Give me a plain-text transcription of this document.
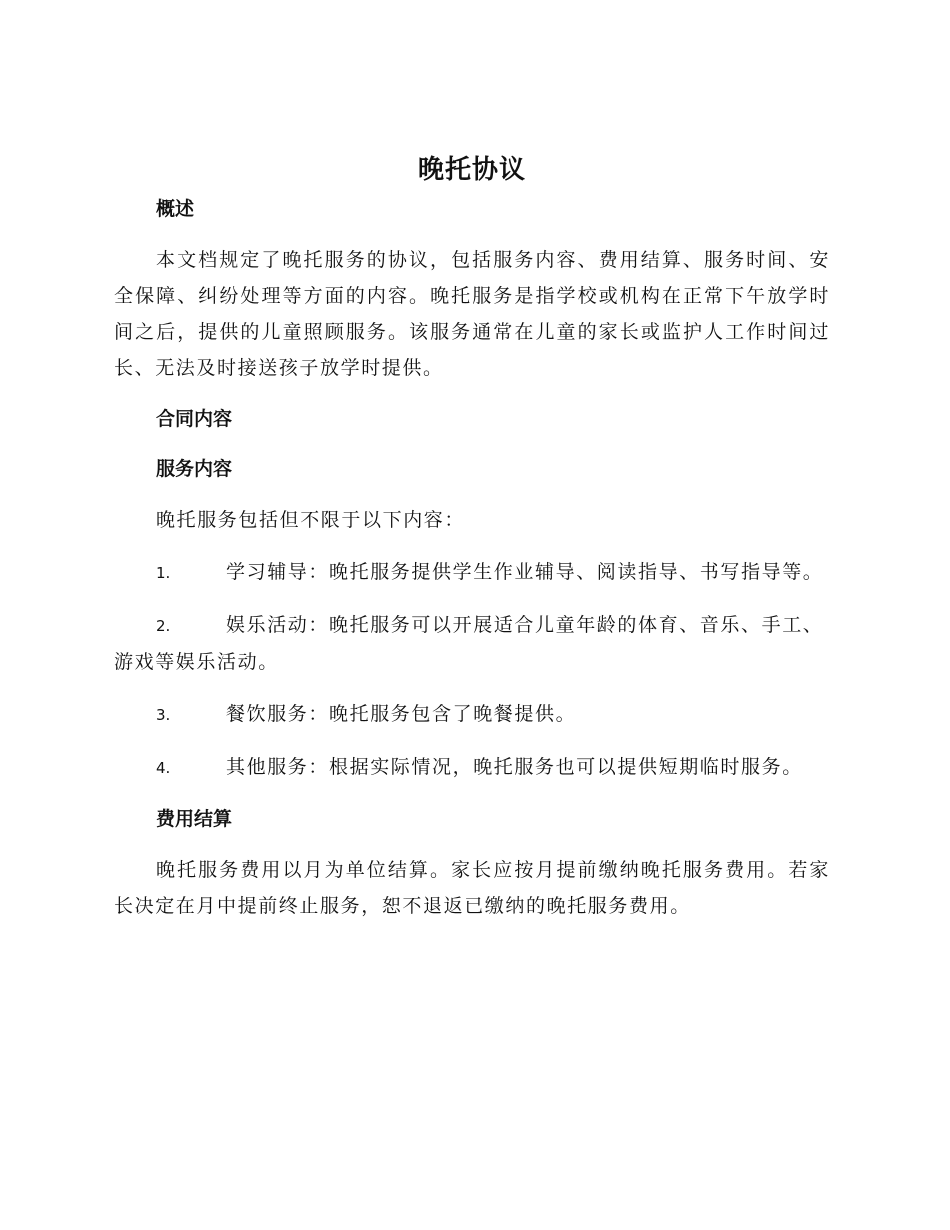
晚托协议
概述

本文档规定了晚托服务的协议，包括服务内容、费用结算、服务时间、安全保障、纠纷处理等方面的内容。晚托服务是指学校或机构在正常下午放学时间之后，提供的儿童照顾服务。该服务通常在儿童的家长或监护人工作时间过长、无法及时接送孩子放学时提供。

合同内容
服务内容

晚托服务包括但不限于以下内容：

1.	学习辅导：晚托服务提供学生作业辅导、阅读指导、书写指导等。

2.	娱乐活动：晚托服务可以开展适合儿童年龄的体育、音乐、手工、游戏等娱乐活动。

3.	餐饮服务：晚托服务包含了晚餐提供。

4.	其他服务：根据实际情况，晚托服务也可以提供短期临时服务。

费用结算

晚托服务费用以月为单位结算。家长应按月提前缴纳晚托服务费用。若家长决定在月中提前终止服务，恕不退返已缴纳的晚托服务费用。
